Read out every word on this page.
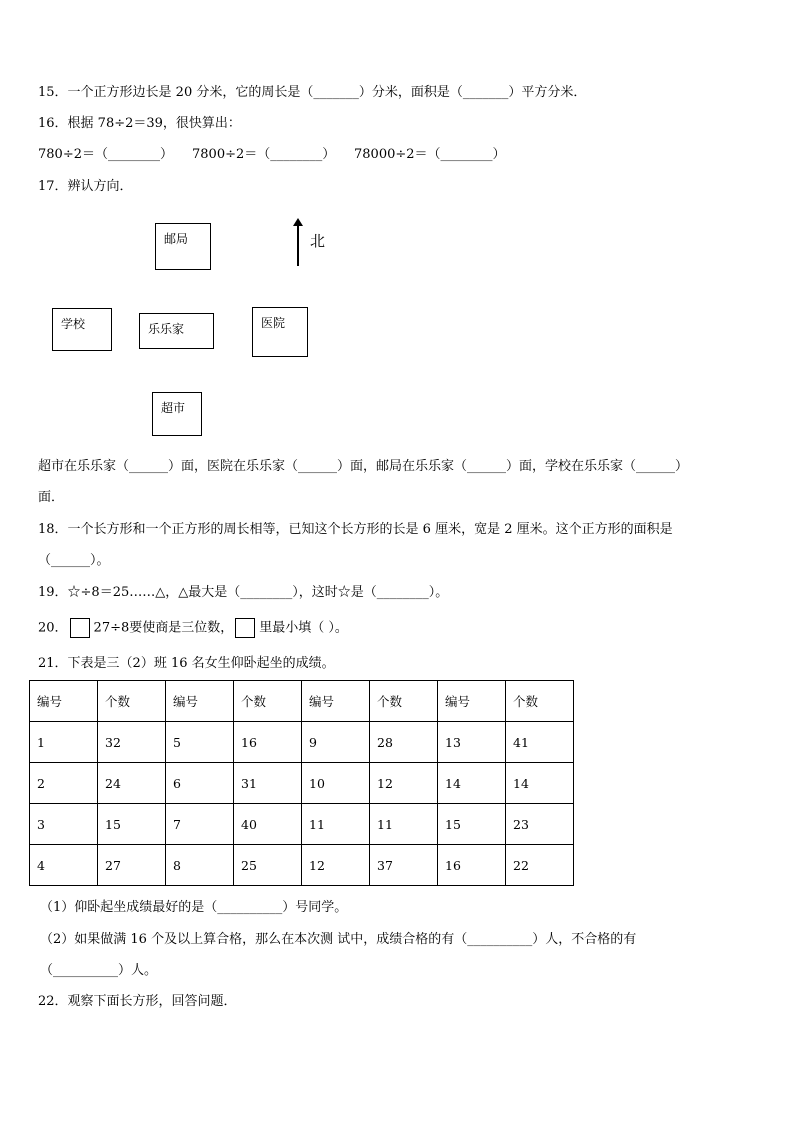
15．一个正方形边长是 20 分米，它的周长是（_______）分米，面积是（_______）平方分米．
16．根据 78÷2＝39，很快算出：
780÷2＝（________） 7800÷2＝（________） 78000÷2＝（________）
17．辨认方向．
邮局	北
学校	乐乐家	医院
超市
超市在乐乐家（______）面，医院在乐乐家（______）面，邮局在乐乐家（______）面，学校在乐乐家（______）
面．
18．一个长方形和一个正方形的周长相等，已知这个长方形的长是 6 厘米，宽是 2 厘米。这个正方形的面积是
（______）。
19．☆÷8＝25……△，△最大是（________），这时☆是（________）。
20． 27÷8要使商是三位数， 里最小填（ ）。
21．下表是三（2）班 16 名女生仰卧起坐的成绩。
编号	个数	编号	个数	编号	个数	编号	个数
1	32	5	16	9	28	13	41
2	24	6	31	10	12	14	14
3	15	7	40	11	11	15	23
4	27	8	25	12	37	16	22
（1）仰卧起坐成绩最好的是（__________）号同学。
（2）如果做满 16 个及以上算合格，那么在本次测 试中，成绩合格的有（__________）人，不合格的有
（__________）人。
22．观察下面长方形，回答问题．
